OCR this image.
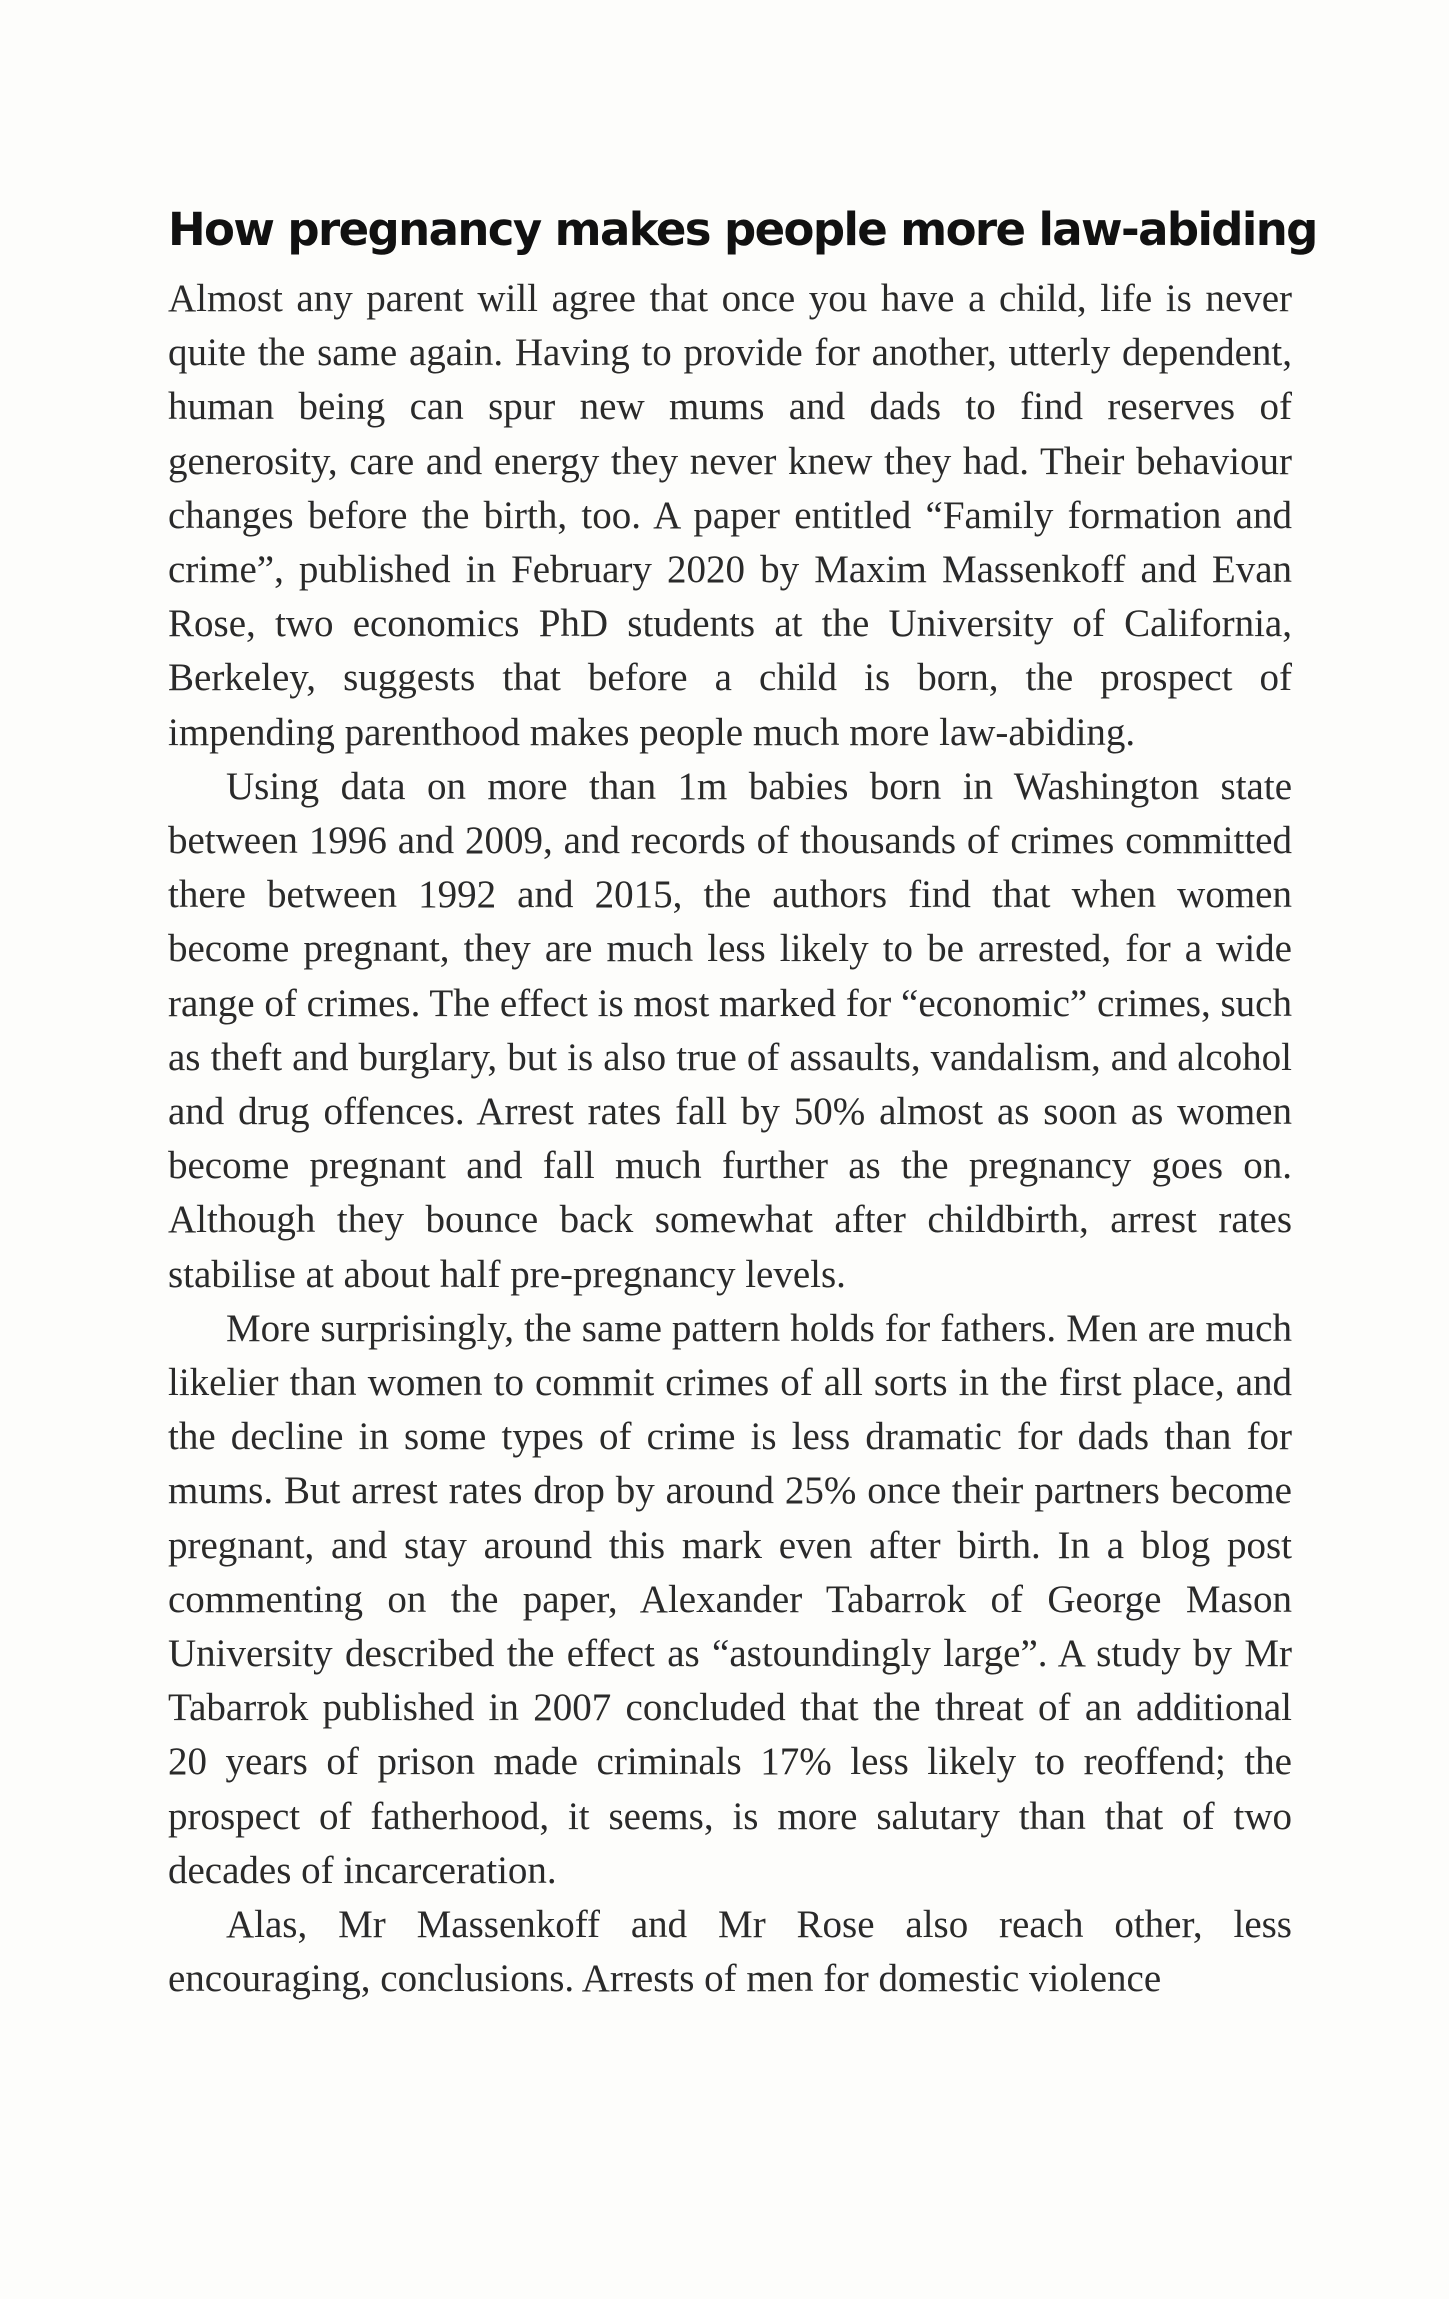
How pregnancy makes people more law-abiding

Almost any parent will agree that once you have a child, life is never quite the same again. Having to provide for another, utterly dependent, human being can spur new mums and dads to find reserves of generosity, care and energy they never knew they had. Their behaviour changes before the birth, too. A paper entitled “Family formation and crime”, published in February 2020 by Maxim Massenkoff and Evan Rose, two economics PhD students at the University of California, Berkeley, suggests that before a child is born, the prospect of impending parenthood makes people much more law-abiding.

Using data on more than 1m babies born in Washington state between 1996 and 2009, and records of thousands of crimes committed there between 1992 and 2015, the authors find that when women become pregnant, they are much less likely to be arrested, for a wide range of crimes. The effect is most marked for “economic” crimes, such as theft and burglary, but is also true of assaults, vandalism, and alcohol and drug offences. Arrest rates fall by 50% almost as soon as women become pregnant and fall much further as the pregnancy goes on. Although they bounce back somewhat after childbirth, arrest rates stabilise at about half pre-pregnancy levels.

More surprisingly, the same pattern holds for fathers. Men are much likelier than women to commit crimes of all sorts in the first place, and the decline in some types of crime is less dramatic for dads than for mums. But arrest rates drop by around 25% once their partners become pregnant, and stay around this mark even after birth. In a blog post commenting on the paper, Alexander Tabarrok of George Mason University described the effect as “astoundingly large”. A study by Mr Tabarrok published in 2007 concluded that the threat of an additional 20 years of prison made criminals 17% less likely to reoffend; the prospect of fatherhood, it seems, is more salutary than that of two decades of incarceration.

Alas, Mr Massenkoff and Mr Rose also reach other, less encouraging, conclusions. Arrests of men for domestic violence
